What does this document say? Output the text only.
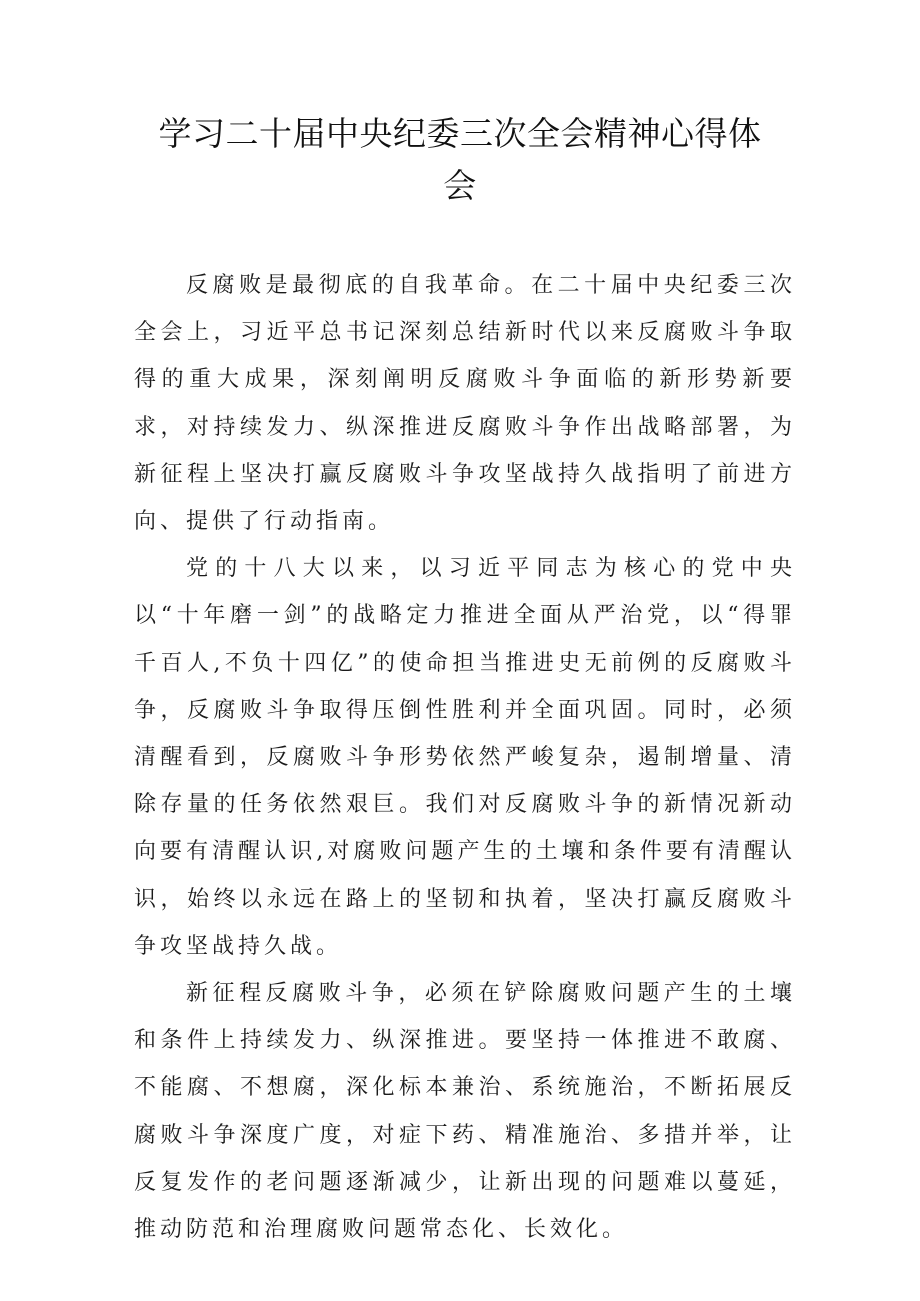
学习二十届中央纪委三次全会精神心得体会

反腐败是最彻底的自我革命。在二十届中央纪委三次全会上，习近平总书记深刻总结新时代以来反腐败斗争取得的重大成果，深刻阐明反腐败斗争面临的新形势新要求，对持续发力、纵深推进反腐败斗争作出战略部署，为新征程上坚决打赢反腐败斗争攻坚战持久战指明了前进方向、提供了行动指南。

党的十八大以来，以习近平同志为核心的党中央以“十年磨一剑”的战略定力推进全面从严治党，以“得罪千百人,不负十四亿”的使命担当推进史无前例的反腐败斗争，反腐败斗争取得压倒性胜利并全面巩固。同时，必须清醒看到，反腐败斗争形势依然严峻复杂，遏制增量、清除存量的任务依然艰巨。我们对反腐败斗争的新情况新动向要有清醒认识,对腐败问题产生的土壤和条件要有清醒认识，始终以永远在路上的坚韧和执着，坚决打赢反腐败斗争攻坚战持久战。

新征程反腐败斗争，必须在铲除腐败问题产生的土壤和条件上持续发力、纵深推进。要坚持一体推进不敢腐、不能腐、不想腐，深化标本兼治、系统施治，不断拓展反腐败斗争深度广度，对症下药、精准施治、多措并举，让反复发作的老问题逐渐减少，让新出现的问题难以蔓延，推动防范和治理腐败问题常态化、长效化。
